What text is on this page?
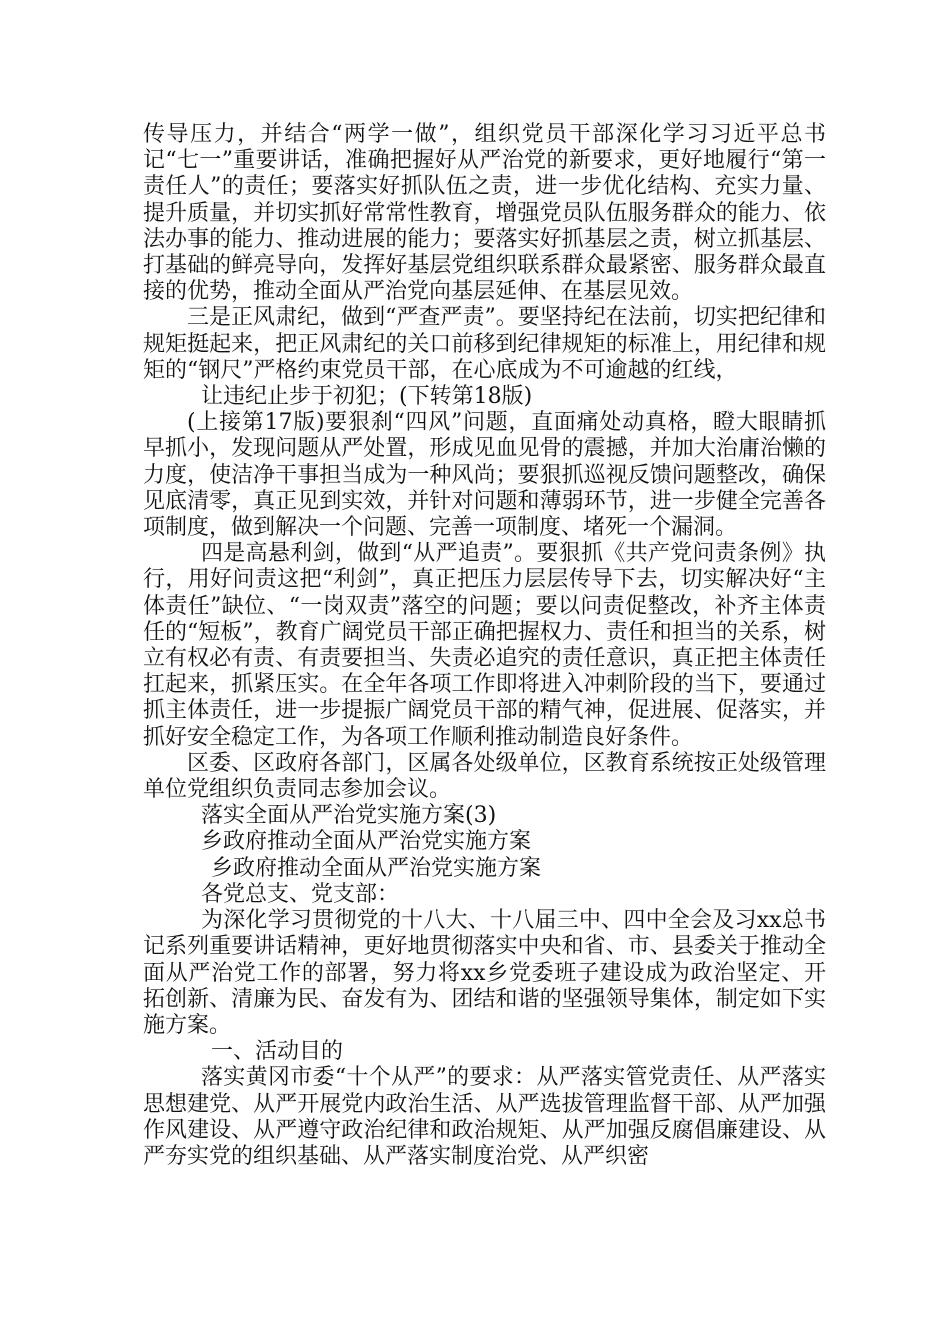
传导压力，并结合“两学一做”，组织党员干部深化学习习近平总书记“七一”重要讲话，准确把握好从严治党的新要求，更好地履行“第一责任人”的责任；要落实好抓队伍之责，进一步优化结构、充实力量、提升质量，并切实抓好常常性教育，增强党员队伍服务群众的能力、依法办事的能力、推动进展的能力；要落实好抓基层之责，树立抓基层、打基础的鲜亮导向，发挥好基层党组织联系群众最紧密、服务群众最直接的优势，推动全面从严治党向基层延伸、在基层见效。

三是正风肃纪，做到“严查严责”。要坚持纪在法前，切实把纪律和规矩挺起来，把正风肃纪的关口前移到纪律规矩的标准上，用纪律和规矩的“钢尺”严格约束党员干部，在心底成为不可逾越的红线，

让违纪止步于初犯；(下转第18版)

(上接第17版)要狠刹“四风”问题，直面痛处动真格，瞪大眼睛抓早抓小，发现问题从严处置，形成见血见骨的震撼，并加大治庸治懒的力度，使洁净干事担当成为一种风尚；要狠抓巡视反馈问题整改，确保见底清零，真正见到实效，并针对问题和薄弱环节，进一步健全完善各项制度，做到解决一个问题、完善一项制度、堵死一个漏洞。

四是高悬利剑，做到“从严追责”。要狠抓《共产党问责条例》执行，用好问责这把“利剑”，真正把压力层层传导下去，切实解决好“主体责任”缺位、“一岗双责”落空的问题；要以问责促整改，补齐主体责任的“短板”，教育广阔党员干部正确把握权力、责任和担当的关系，树立有权必有责、有责要担当、失责必追究的责任意识，真正把主体责任扛起来，抓紧压实。在全年各项工作即将进入冲刺阶段的当下，要通过抓主体责任，进一步提振广阔党员干部的精气神，促进展、促落实，并抓好安全稳定工作，为各项工作顺利推动制造良好条件。

区委、区政府各部门，区属各处级单位，区教育系统按正处级管理单位党组织负责同志参加会议。

落实全面从严治党实施方案(3)

乡政府推动全面从严治党实施方案

乡政府推动全面从严治党实施方案

各党总支、党支部：

为深化学习贯彻党的十八大、十八届三中、四中全会及习xx总书记系列重要讲话精神，更好地贯彻落实中央和省、市、县委关于推动全面从严治党工作的部署，努力将xx乡党委班子建设成为政治坚定、开拓创新、清廉为民、奋发有为、团结和谐的坚强领导集体，制定如下实施方案。

一、活动目的

落实黄冈市委“十个从严”的要求：从严落实管党责任、从严落实思想建党、从严开展党内政治生活、从严选拔管理监督干部、从严加强作风建设、从严遵守政治纪律和政治规矩、从严加强反腐倡廉建设、从严夯实党的组织基础、从严落实制度治党、从严织密
